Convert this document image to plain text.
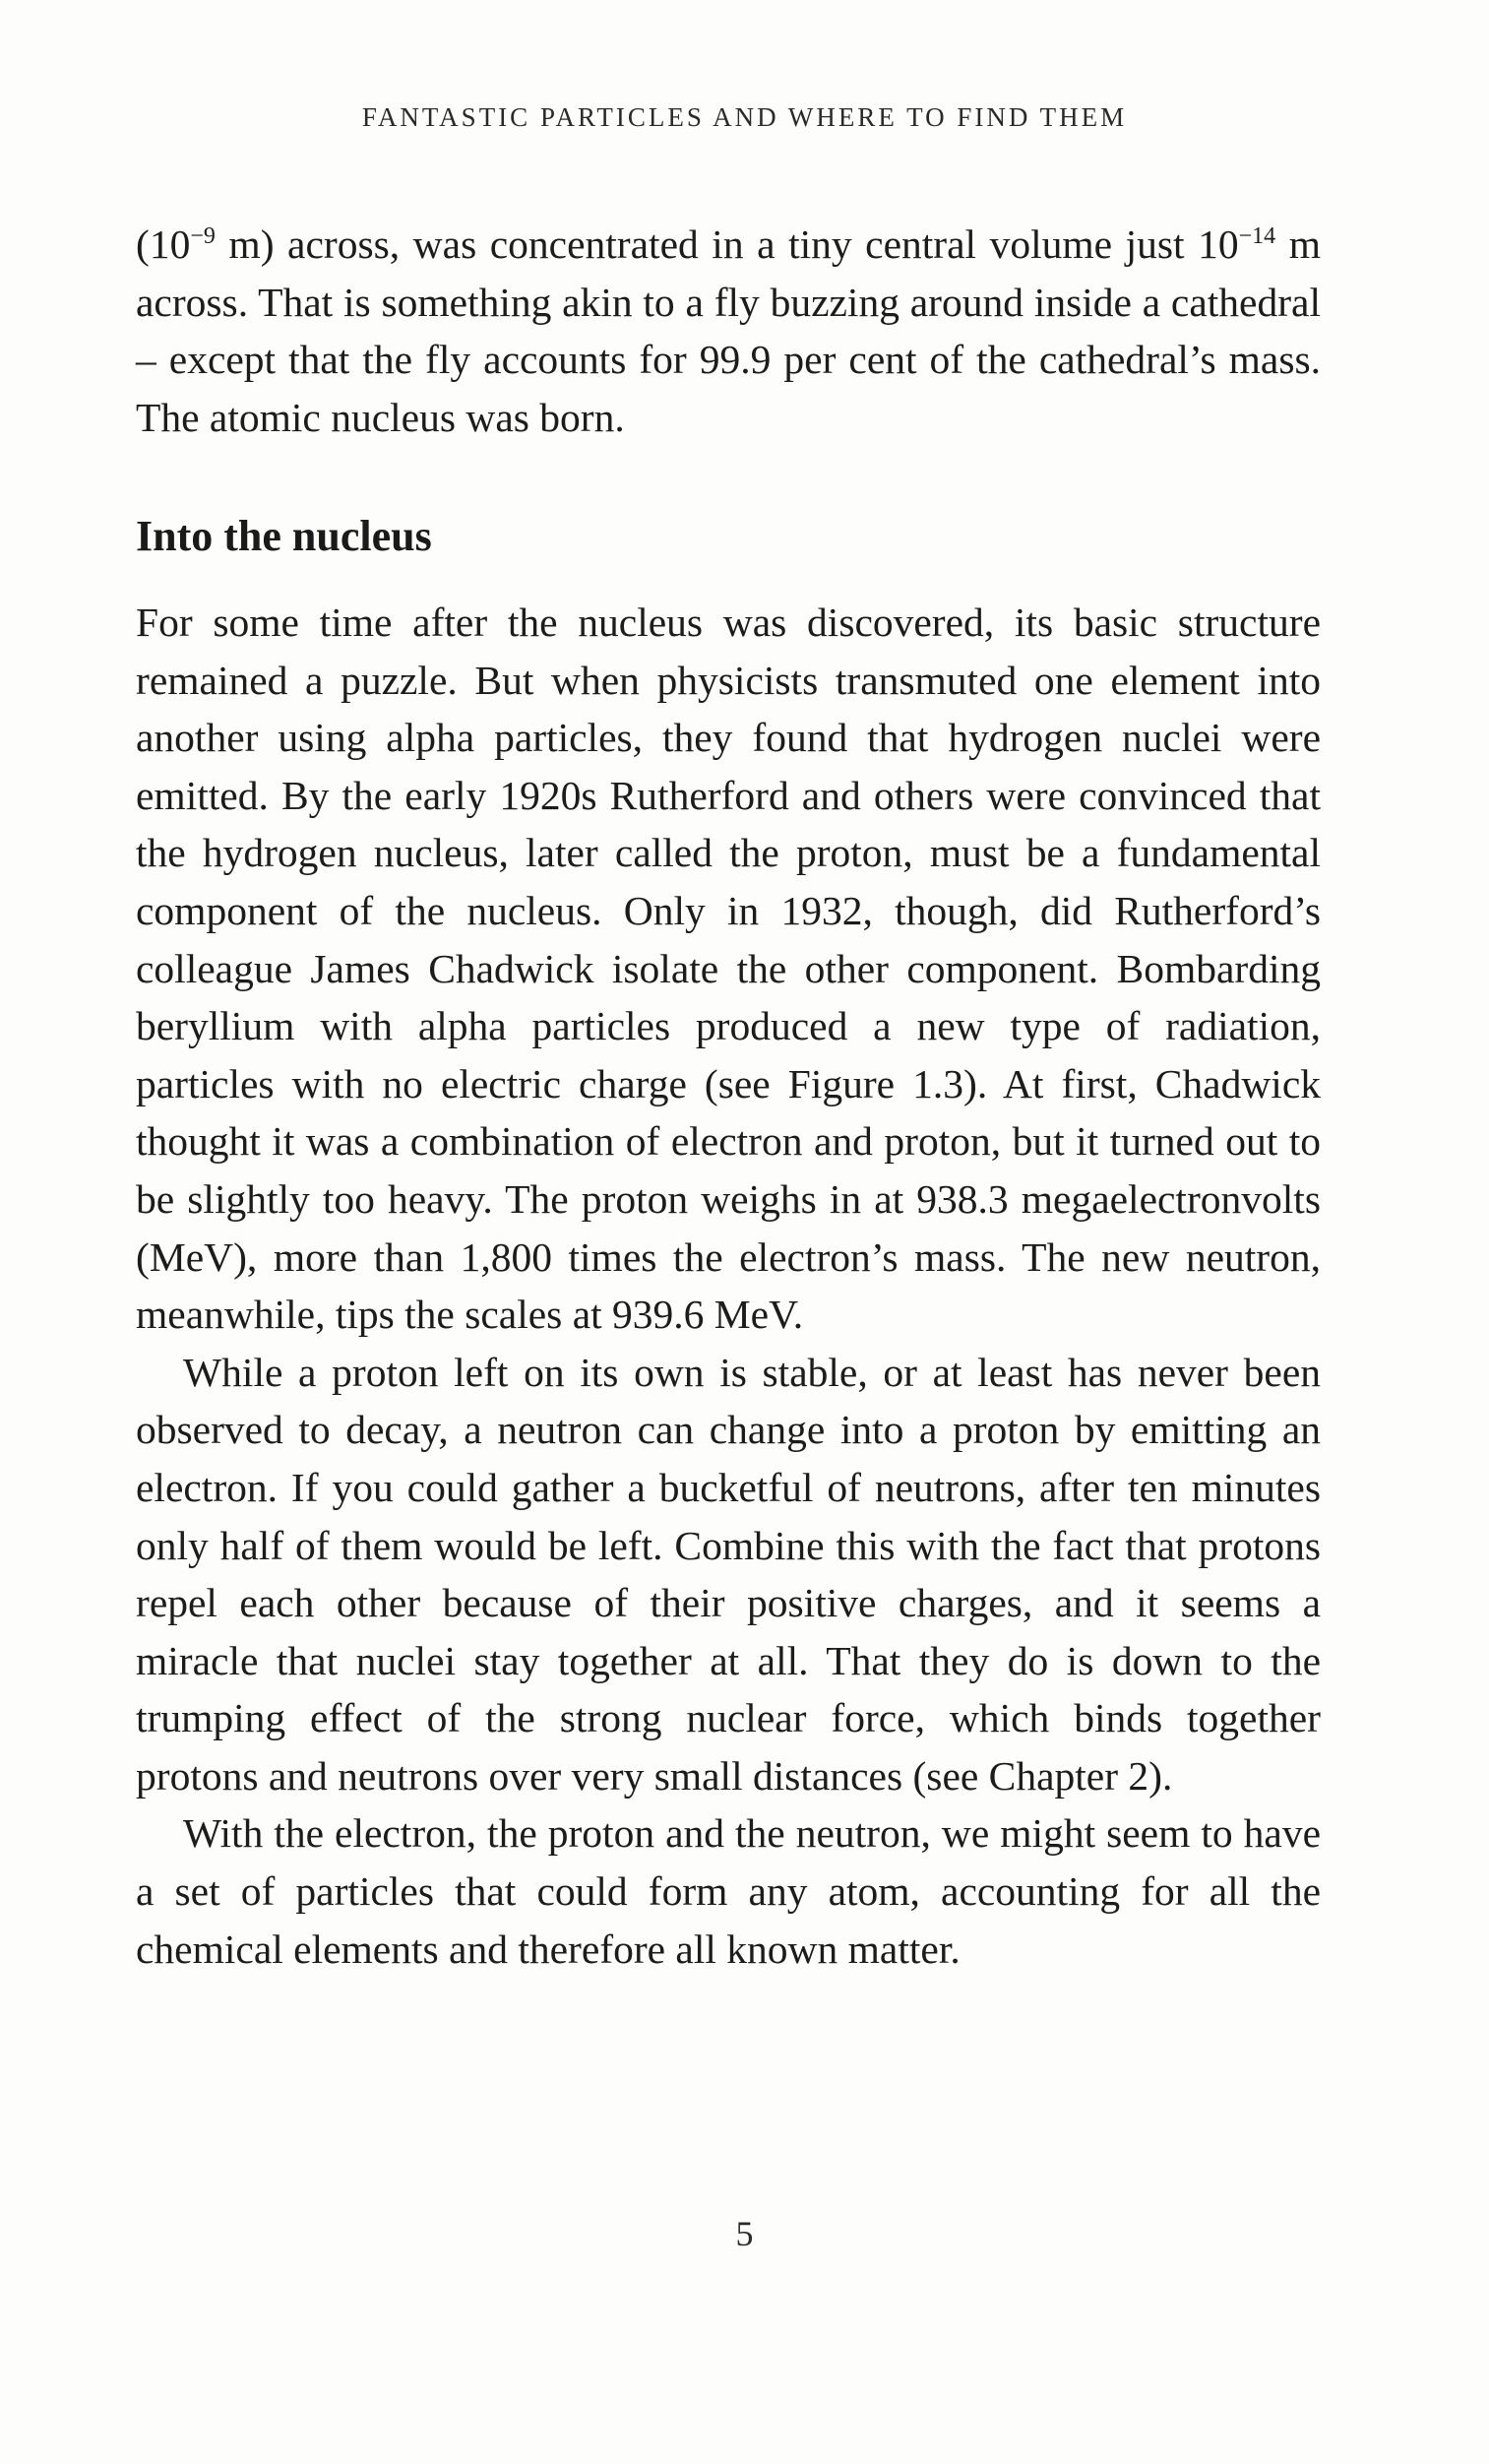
FANTASTIC PARTICLES AND WHERE TO FIND THEM

($10^{-9}$ m) across, was concentrated in a tiny central volume just $10^{-14}$ m across. That is something akin to a fly buzzing around inside a cathedral – except that the fly accounts for 99.9 per cent of the cathedral’s mass. The atomic nucleus was born.

Into the nucleus

For some time after the nucleus was discovered, its basic structure remained a puzzle. But when physicists transmuted one element into another using alpha particles, they found that hydrogen nuclei were emitted. By the early 1920s Rutherford and others were convinced that the hydrogen nucleus, later called the proton, must be a fundamental component of the nucleus. Only in 1932, though, did Rutherford’s colleague James Chadwick isolate the other component. Bombarding beryllium with alpha particles produced a new type of radiation, particles with no electric charge (see Figure 1.3). At first, Chadwick thought it was a combination of electron and proton, but it turned out to be slightly too heavy. The proton weighs in at 938.3 megaelectronvolts (MeV), more than 1,800 times the electron’s mass. The new neutron, meanwhile, tips the scales at 939.6 MeV.

While a proton left on its own is stable, or at least has never been observed to decay, a neutron can change into a proton by emitting an electron. If you could gather a bucketful of neutrons, after ten minutes only half of them would be left. Combine this with the fact that protons repel each other because of their positive charges, and it seems a miracle that nuclei stay together at all. That they do is down to the trumping effect of the strong nuclear force, which binds together protons and neutrons over very small distances (see Chapter 2).

With the electron, the proton and the neutron, we might seem to have a set of particles that could form any atom, accounting for all the chemical elements and therefore all known matter.

5
